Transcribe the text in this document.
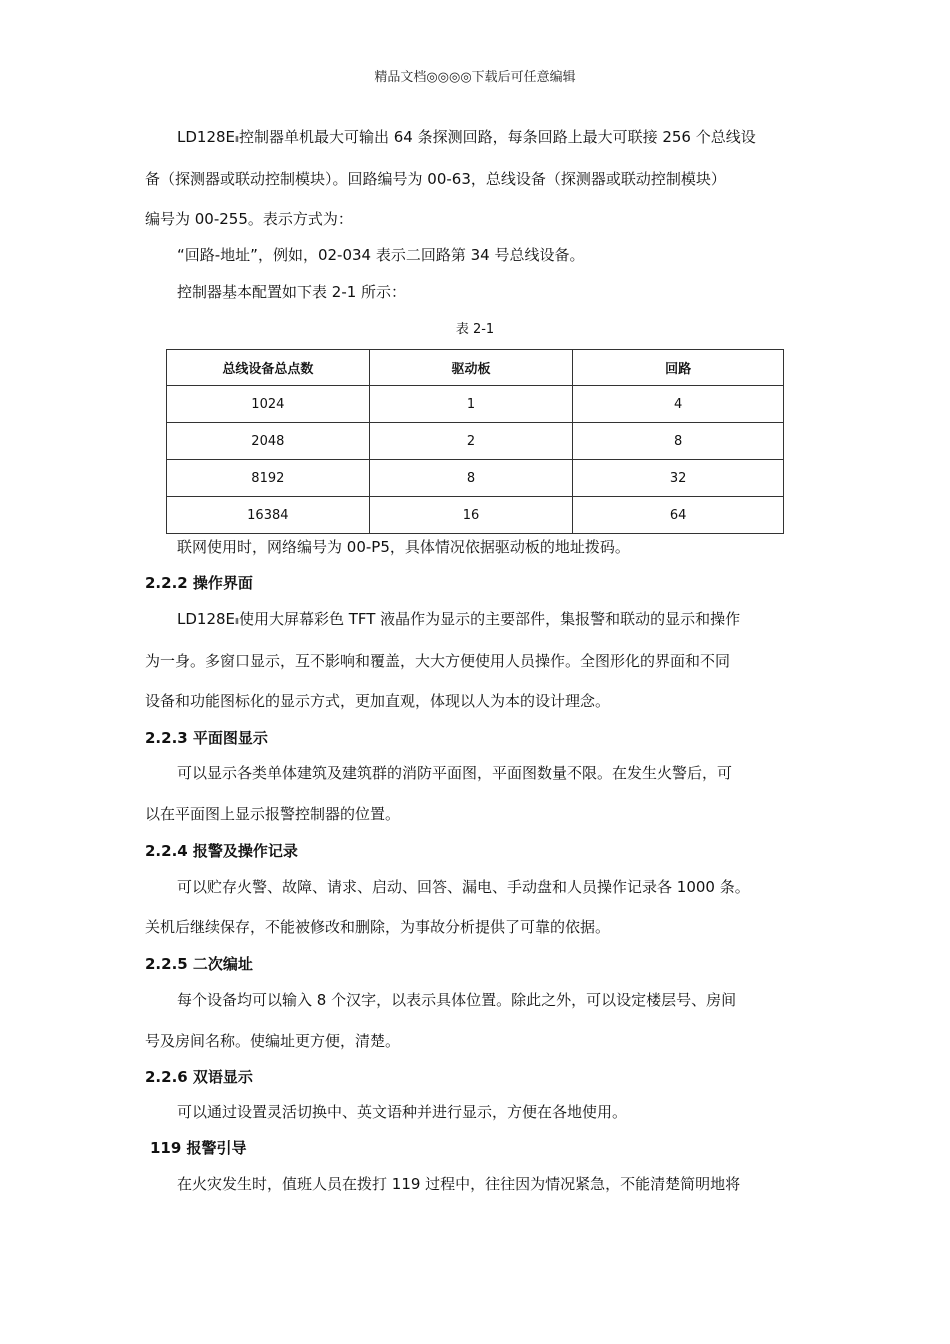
精品文档◎◎◎◎下载后可任意编辑
LD128EⅡ控制器单机最大可输出 64 条探测回路，每条回路上最大可联接 256 个总线设
备（探测器或联动控制模块）。回路编号为 00-63，总线设备（探测器或联动控制模块）
编号为 00-255。表示方式为：
“回路-地址”，例如，02-034 表示二回路第 34 号总线设备。
控制器基本配置如下表 2-1 所示：
表 2-1
总线设备总点数	驱动板	回路
1024	1	4
2048	2	8
8192	8	32
16384	16	64
联网使用时，网络编号为 00-P5，具体情况依据驱动板的地址拨码。
2.2.2 操作界面
LD128EⅡ使用大屏幕彩色 TFT 液晶作为显示的主要部件，集报警和联动的显示和操作
为一身。多窗口显示，互不影响和覆盖，大大方便使用人员操作。全图形化的界面和不同
设备和功能图标化的显示方式，更加直观，体现以人为本的设计理念。
2.2.3 平面图显示
可以显示各类单体建筑及建筑群的消防平面图，平面图数量不限。在发生火警后，可
以在平面图上显示报警控制器的位置。
2.2.4 报警及操作记录
可以贮存火警、故障、请求、启动、回答、漏电、手动盘和人员操作记录各 1000 条。
关机后继续保存，不能被修改和删除，为事故分析提供了可靠的依据。
2.2.5 二次编址
每个设备均可以输入 8 个汉字，以表示具体位置。除此之外，可以设定楼层号、房间
号及房间名称。使编址更方便，清楚。
2.2.6 双语显示
可以通过设置灵活切换中、英文语种并进行显示，方便在各地使用。
119 报警引导
在火灾发生时，值班人员在拨打 119 过程中，往往因为情况紧急，不能清楚简明地将
